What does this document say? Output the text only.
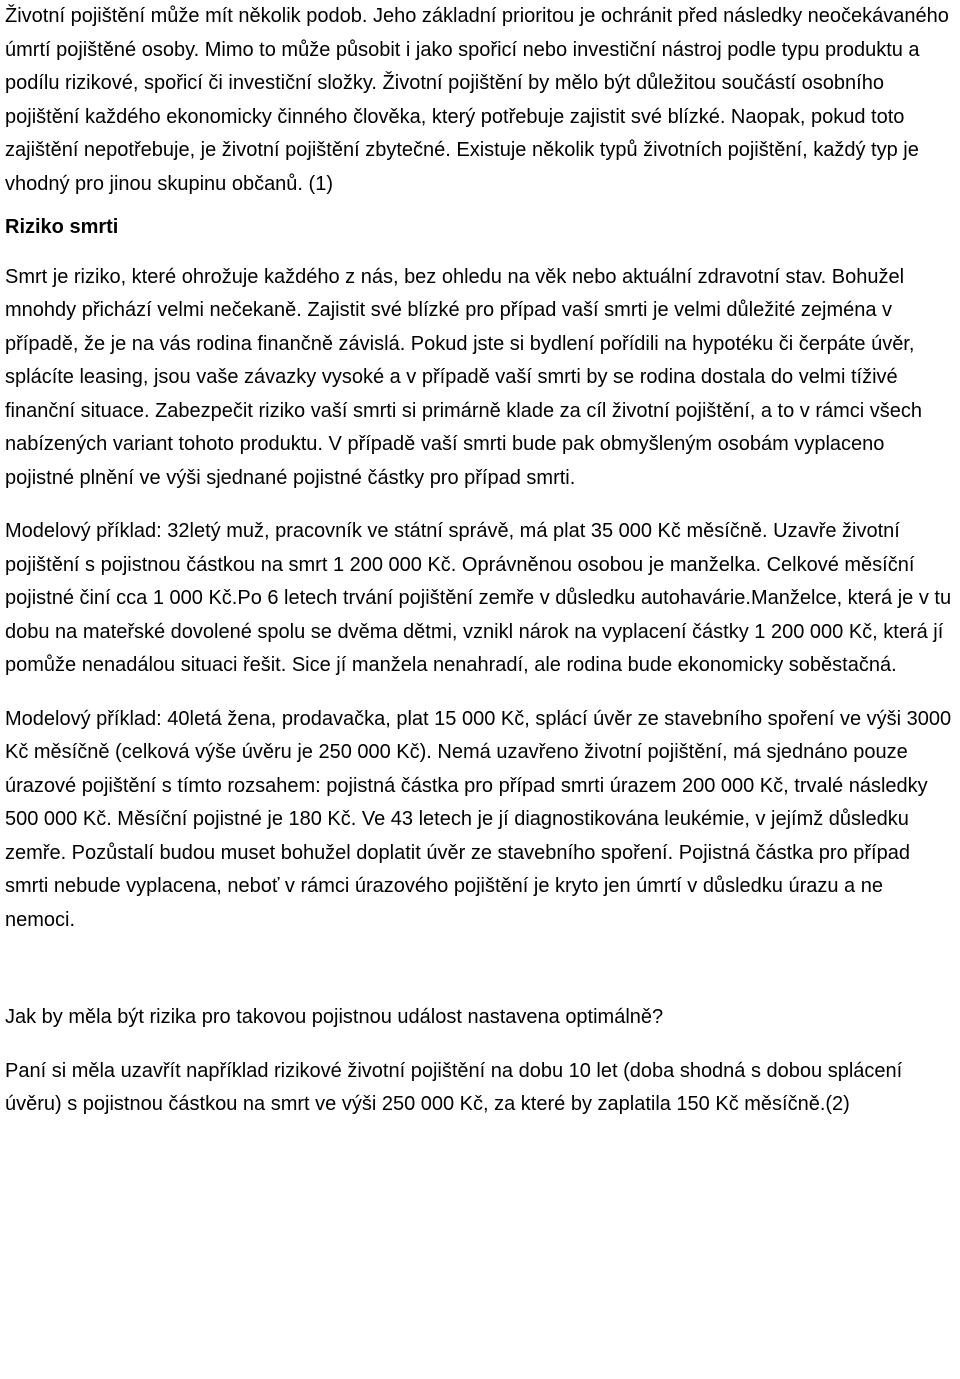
Životní pojištění může mít několik podob. Jeho základní prioritou je ochránit před následky neočekávaného úmrtí pojištěné osoby. Mimo to může působit i jako spořicí nebo investiční nástroj podle typu produktu a podílu rizikové, spořicí či investiční složky. Životní pojištění by mělo být důležitou součástí osobního pojištění každého ekonomicky činného člověka, který potřebuje zajistit své blízké. Naopak, pokud toto zajištění nepotřebuje, je životní pojištění zbytečné. Existuje několik typů životních pojištění, každý typ je vhodný pro jinou skupinu občanů. (1)

Riziko smrti

Smrt je riziko, které ohrožuje každého z nás, bez ohledu na věk nebo aktuální zdravotní stav. Bohužel mnohdy přichází velmi nečekaně. Zajistit své blízké pro případ vaší smrti je velmi důležité zejména v případě, že je na vás rodina finančně závislá. Pokud jste si bydlení pořídili na hypotéku či čerpáte úvěr, splácíte leasing, jsou vaše závazky vysoké a v případě vaší smrti by se rodina dostala do velmi tíživé finanční situace. Zabezpečit riziko vaší smrti si primárně klade za cíl životní pojištění, a to v rámci všech nabízených variant tohoto produktu. V případě vaší smrti bude pak obmyšleným osobám vyplaceno pojistné plnění ve výši sjednané pojistné částky pro případ smrti.

Modelový příklad: 32letý muž, pracovník ve státní správě, má plat 35 000 Kč měsíčně. Uzavře životní pojištění s pojistnou částkou na smrt 1 200 000 Kč. Oprávněnou osobou je manželka. Celkové měsíční pojistné činí cca 1 000 Kč.Po 6 letech trvání pojištění zemře v důsledku autohavárie.Manželce, která je v tu dobu na mateřské dovolené spolu se dvěma dětmi, vznikl nárok na vyplacení částky 1 200 000 Kč, která jí pomůže nenadálou situaci řešit. Sice jí manžela nenahradí, ale rodina bude ekonomicky soběstačná.

Modelový příklad: 40letá žena, prodavačka, plat 15 000 Kč, splácí úvěr ze stavebního spoření ve výši 3000 Kč měsíčně (celková výše úvěru je 250 000 Kč). Nemá uzavřeno životní pojištění, má sjednáno pouze úrazové pojištění s tímto rozsahem: pojistná částka pro případ smrti úrazem 200 000 Kč, trvalé následky 500 000 Kč. Měsíční pojistné je 180 Kč. Ve 43 letech je jí diagnostikována leukémie, v jejímž důsledku zemře. Pozůstalí budou muset bohužel doplatit úvěr ze stavebního spoření. Pojistná částka pro případ smrti nebude vyplacena, neboť v rámci úrazového pojištění je kryto jen úmrtí v důsledku úrazu a ne nemoci.

Jak by měla být rizika pro takovou pojistnou událost nastavena optimálně?

Paní si měla uzavřít například rizikové životní pojištění na dobu 10 let (doba shodná s dobou splácení úvěru) s pojistnou částkou na smrt ve výši 250 000 Kč, za které by zaplatila 150 Kč měsíčně.(2)
